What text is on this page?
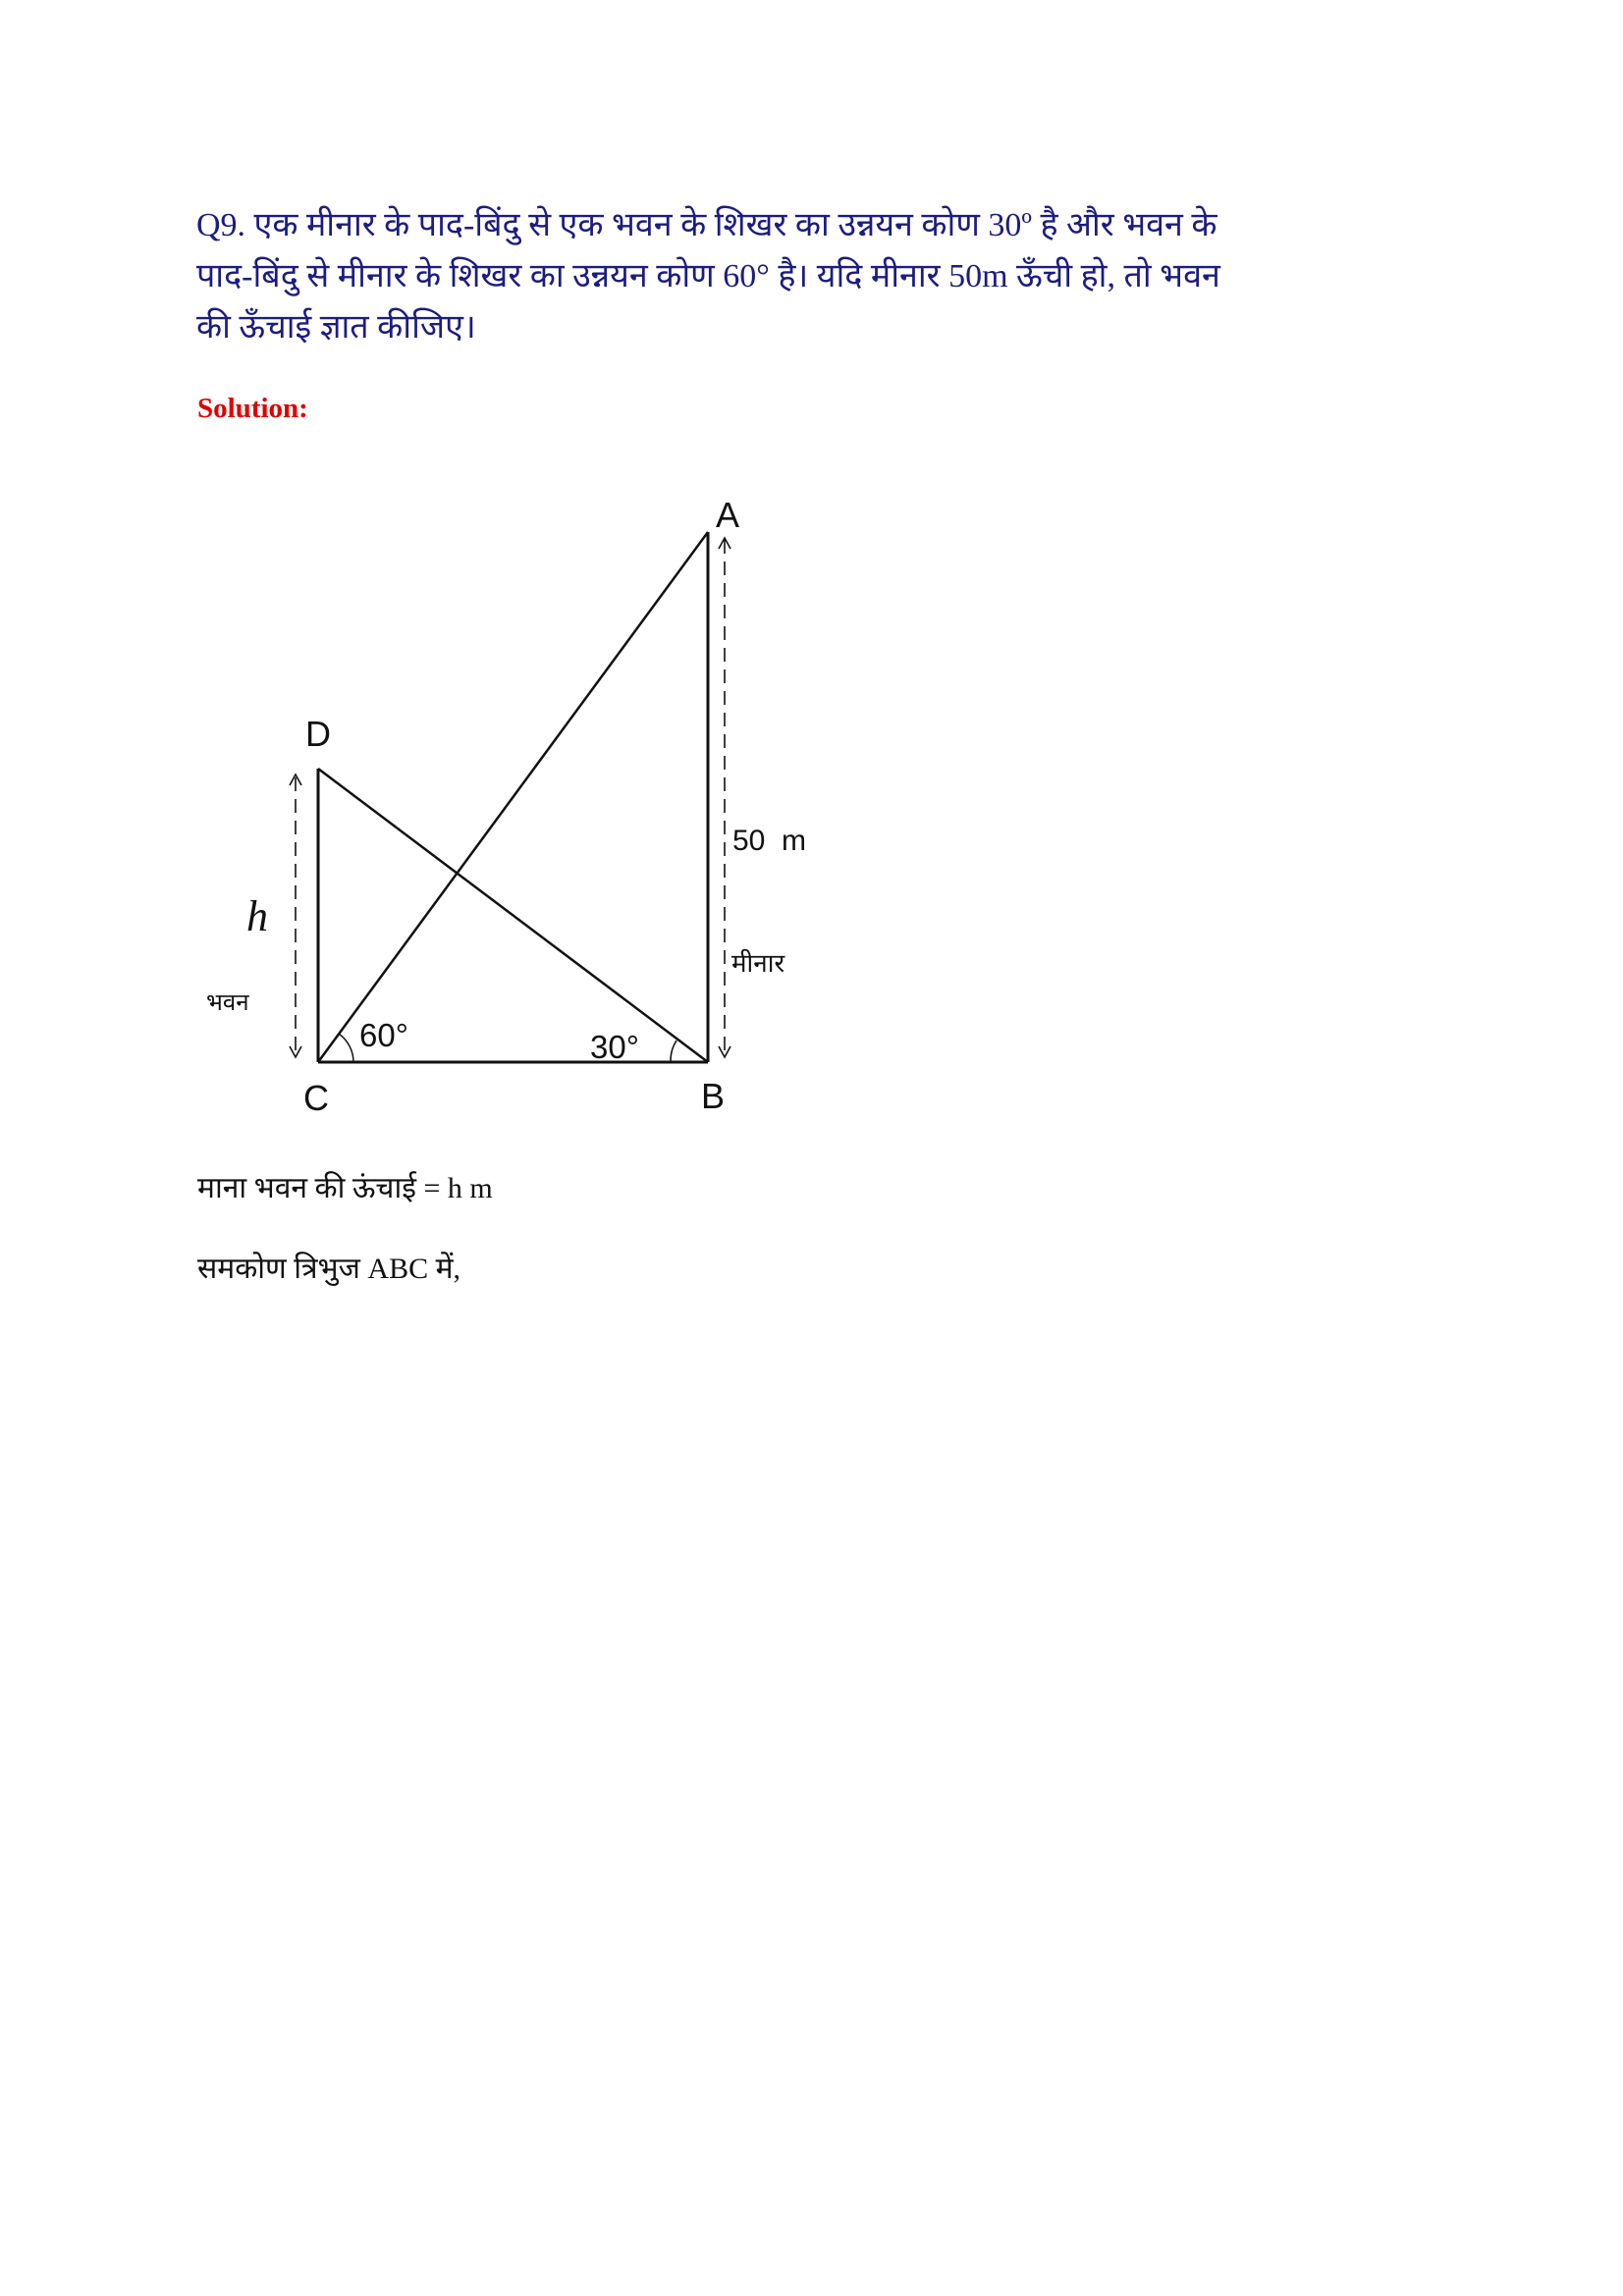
Q9. एक मीनार के पाद-बिंदु से एक भवन के शिखर का उन्नयन कोण 30º है और भवन के
पाद-बिंदु से मीनार के शिखर का उन्नयन कोण 60° है। यदि मीनार 50m ऊँची हो, तो भवन
की ऊँचाई ज्ञात कीजिए।
Solution:
A
D
C	B
60°	30°
50  m
मीनार
h
भवन
माना भवन की ऊंचाई = h m
समकोण त्रिभुज ABC में,
